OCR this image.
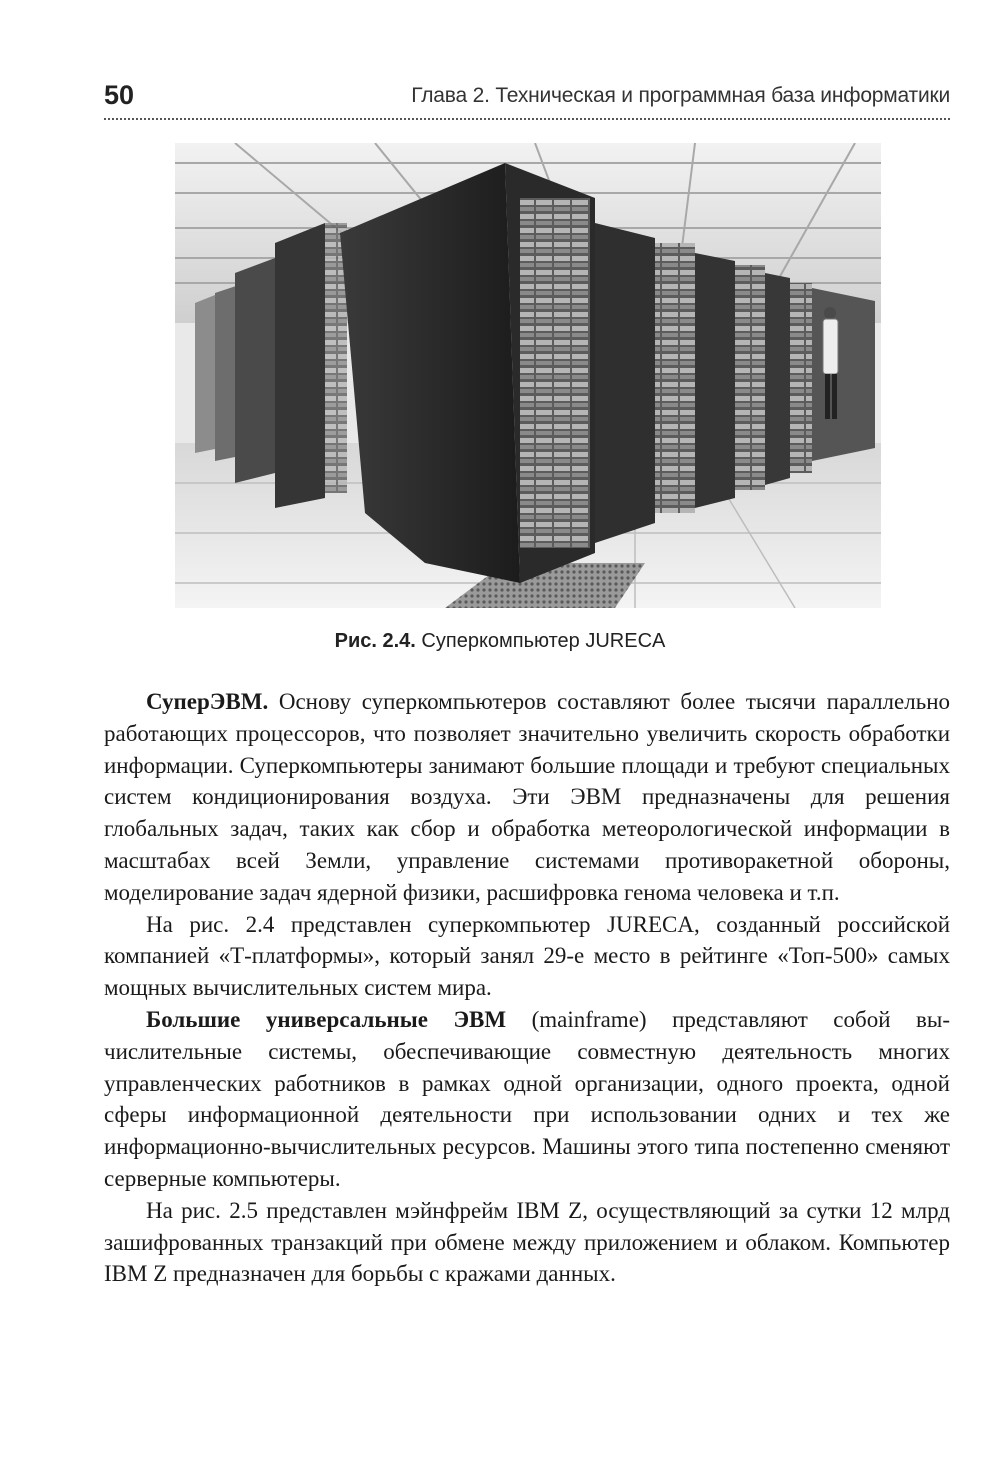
50	Глава 2. Техническая и программная база информатики
Рис. 2.4. Суперкомпьютер JURECA

СуперЭВМ. Основу суперкомпьютеров составляют более тысячи параллельно работающих процессоров, что позволяет значительно увеличить скорость обработки информации. Суперкомпьютеры занимают большие площади и требуют специальных систем кондиционирования воздуха. Эти ЭВМ предназначены для решения глобальных задач, таких как сбор и обработка метеорологической информации в масштабах всей Земли, управление системами противоракетной обороны, моделирование задач ядерной физики, расшифровка генома человека и т.п.

На рис. 2.4 представлен суперкомпьютер JURECA, созданный российской компанией «Т-платформы», который занял 29-е место в рейтинге «Топ-500» самых мощных вычислительных систем мира.

Большие универсальные ЭВМ (mainframe) представляют собой вычислительные системы, обеспечивающие совместную деятельность многих управленческих работников в рамках одной организации, одного проекта, одной сферы информационной деятельности при использовании одних и тех же информационно-вычислительных ресурсов. Машины этого типа постепенно сменяют серверные компьютеры.

На рис. 2.5 представлен мэйнфрейм IBM Z, осуществляющий за сутки 12 млрд зашифрованных транзакций при обмене между приложением и облаком. Компьютер IBM Z предназначен для борьбы с кражами данных.
